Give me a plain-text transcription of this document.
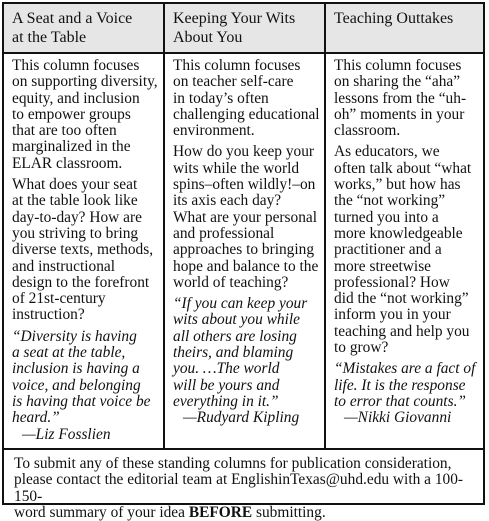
A Seat and a Voice
at the Table

This column focuses
on supporting diversity,
equity, and inclusion
to empower groups
that are too often
marginalized in the
ELAR classroom.

What does your seat
at the table look like
day-to-day? How are
you striving to bring
diverse texts, methods,
and instructional
design to the forefront
of 21st-century
instruction?

“Diversity is having
a seat at the table,
inclusion is having a
voice, and belonging
is having that voice be
heard.”

—Liz Fosslien

Keeping Your Wits
About You

This column focuses
on teacher self-care
in today’s often
challenging educational
environment.

How do you keep your
wits while the world
spins–often wildly!–on
its axis each day?
What are your personal
and professional
approaches to bringing
hope and balance to the
world of teaching?

“If you can keep your
wits about you while
all others are losing
theirs, and blaming
you. …The world
will be yours and
everything in it.”

—Rudyard Kipling

Teaching Outtakes

This column focuses
on sharing the “aha”
lessons from the “uh-
oh” moments in your
classroom.

As educators, we
often talk about “what
works,” but how has
the “not working”
turned you into a
more knowledgeable
practitioner and a
more streetwise
professional? How
did the “not working”
inform you in your
teaching and help you
to grow?

“Mistakes are a fact of
life. It is the response
to error that counts.”

—Nikki Giovanni

To submit any of these standing columns for publication consideration,
please contact the editorial team at EnglishinTexas@uhd.edu with a 100-150-
word summary of your idea BEFORE submitting.
